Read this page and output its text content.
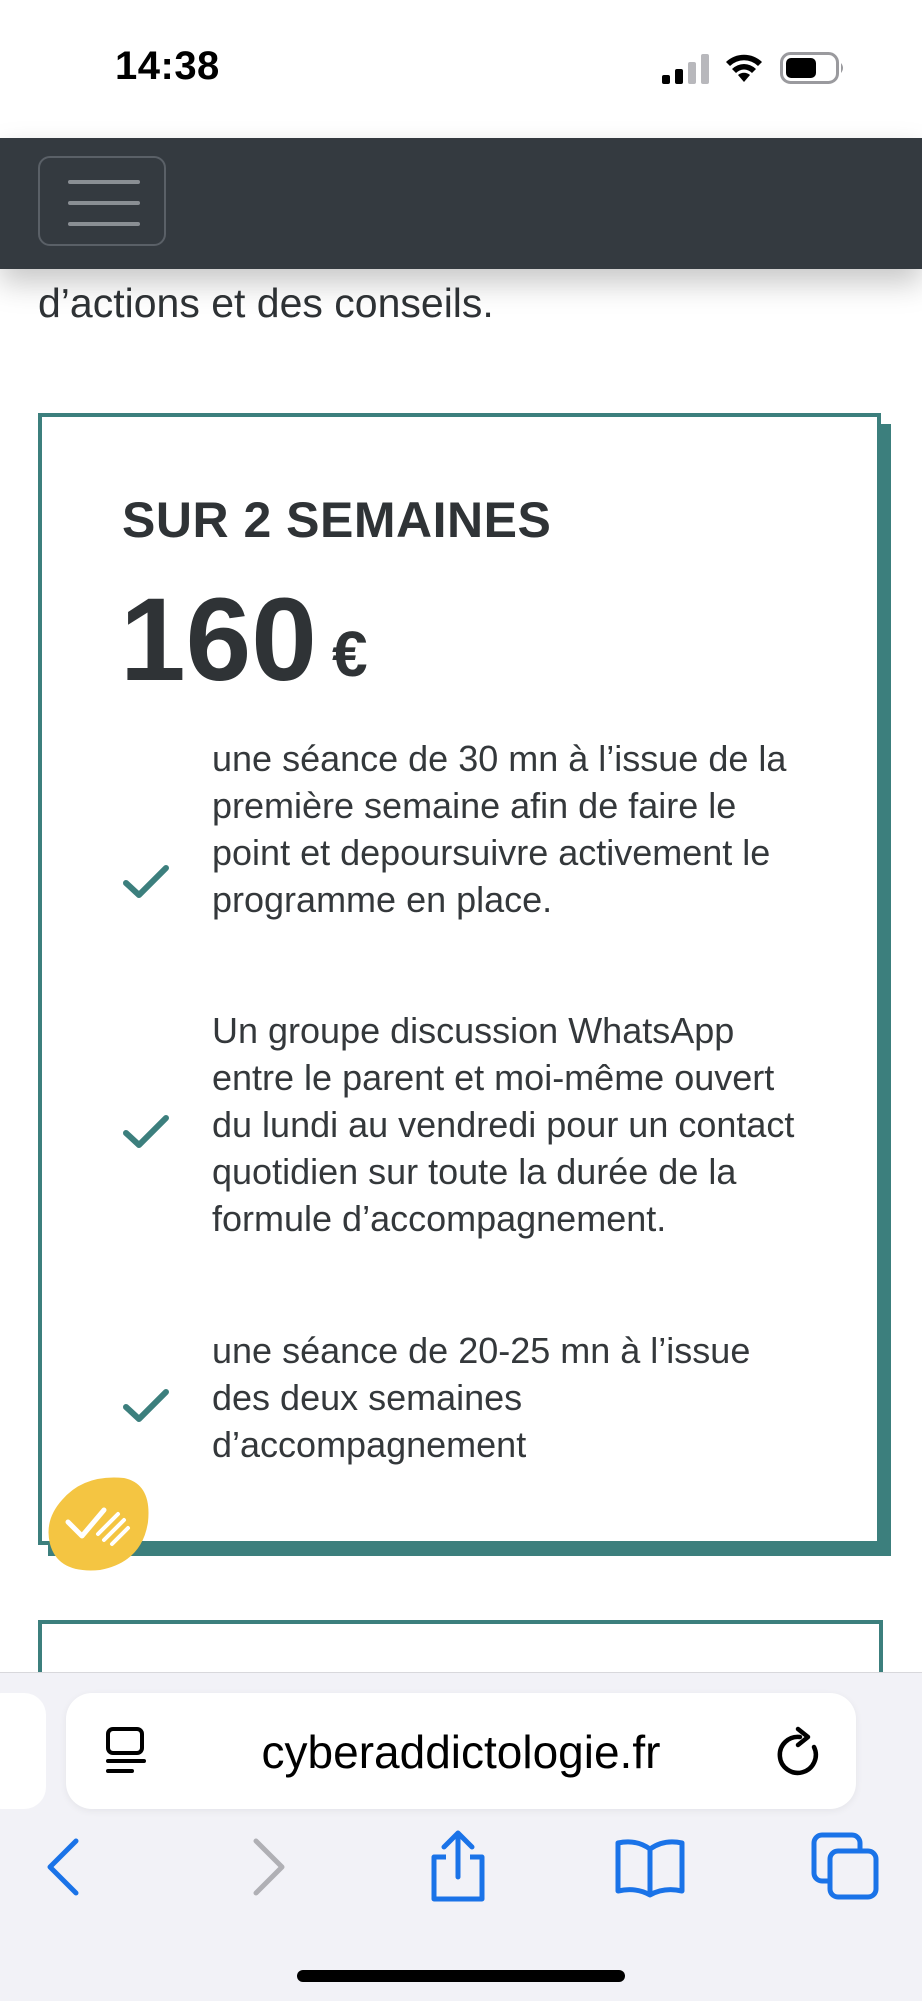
14:38
d’actions et des conseils.
SUR 2 SEMAINES
160 €
une séance de 30 mn à l’issue de la première semaine afin de faire le point et depoursuivre activement le programme en place.
Un groupe discussion WhatsApp entre le parent et moi-même ouvert du lundi au vendredi pour un contact quotidien sur toute la durée de la formule d’accompagnement.
une séance de 20-25 mn à l’issue des deux semaines d’accompagnement
cyberaddictologie.fr
